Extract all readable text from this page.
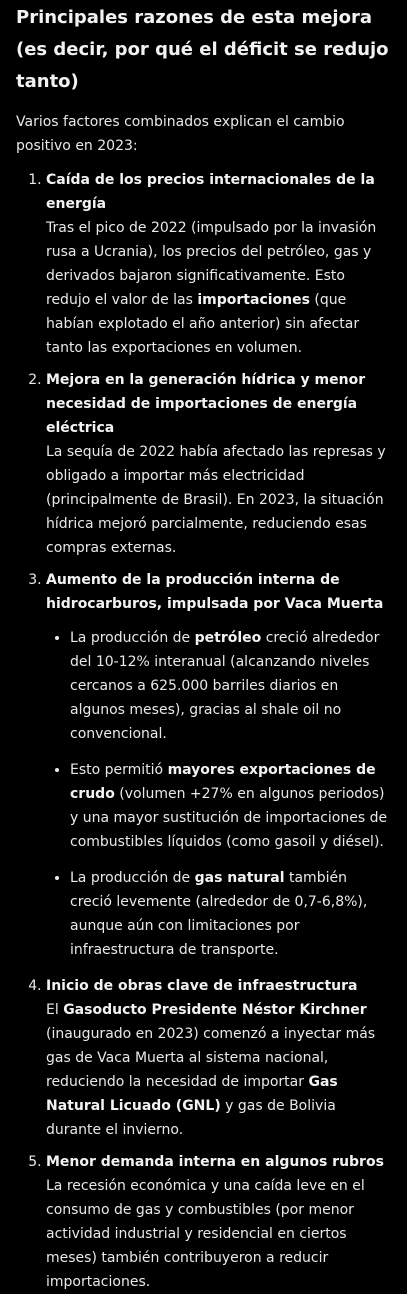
Principales razones de esta mejora (es decir, por qué el déficit se redujo tanto)

Varios factores combinados explican el cambio positivo en 2023:

1. Caída de los precios internacionales de la energía
Tras el pico de 2022 (impulsado por la invasión rusa a Ucrania), los precios del petróleo, gas y derivados bajaron significativamente. Esto redujo el valor de las importaciones (que habían explotado el año anterior) sin afectar tanto las exportaciones en volumen.
2. Mejora en la generación hídrica y menor necesidad de importaciones de energía eléctrica
La sequía de 2022 había afectado las represas y obligado a importar más electricidad (principalmente de Brasil). En 2023, la situación hídrica mejoró parcialmente, reduciendo esas compras externas.
3. Aumento de la producción interna de hidrocarburos, impulsada por Vaca Muerta
• La producción de petróleo creció alrededor del 10-12% interanual (alcanzando niveles cercanos a 625.000 barriles diarios en algunos meses), gracias al shale oil no convencional.
• Esto permitió mayores exportaciones de crudo (volumen +27% en algunos periodos) y una mayor sustitución de importaciones de combustibles líquidos (como gasoil y diésel).
• La producción de gas natural también creció levemente (alrededor de 0,7-6,8%), aunque aún con limitaciones por infraestructura de transporte.
4. Inicio de obras clave de infraestructura
El Gasoducto Presidente Néstor Kirchner (inaugurado en 2023) comenzó a inyectar más gas de Vaca Muerta al sistema nacional, reduciendo la necesidad de importar Gas Natural Licuado (GNL) y gas de Bolivia durante el invierno.
5. Menor demanda interna en algunos rubros
La recesión económica y una caída leve en el consumo de gas y combustibles (por menor actividad industrial y residencial en ciertos meses) también contribuyeron a reducir importaciones.
